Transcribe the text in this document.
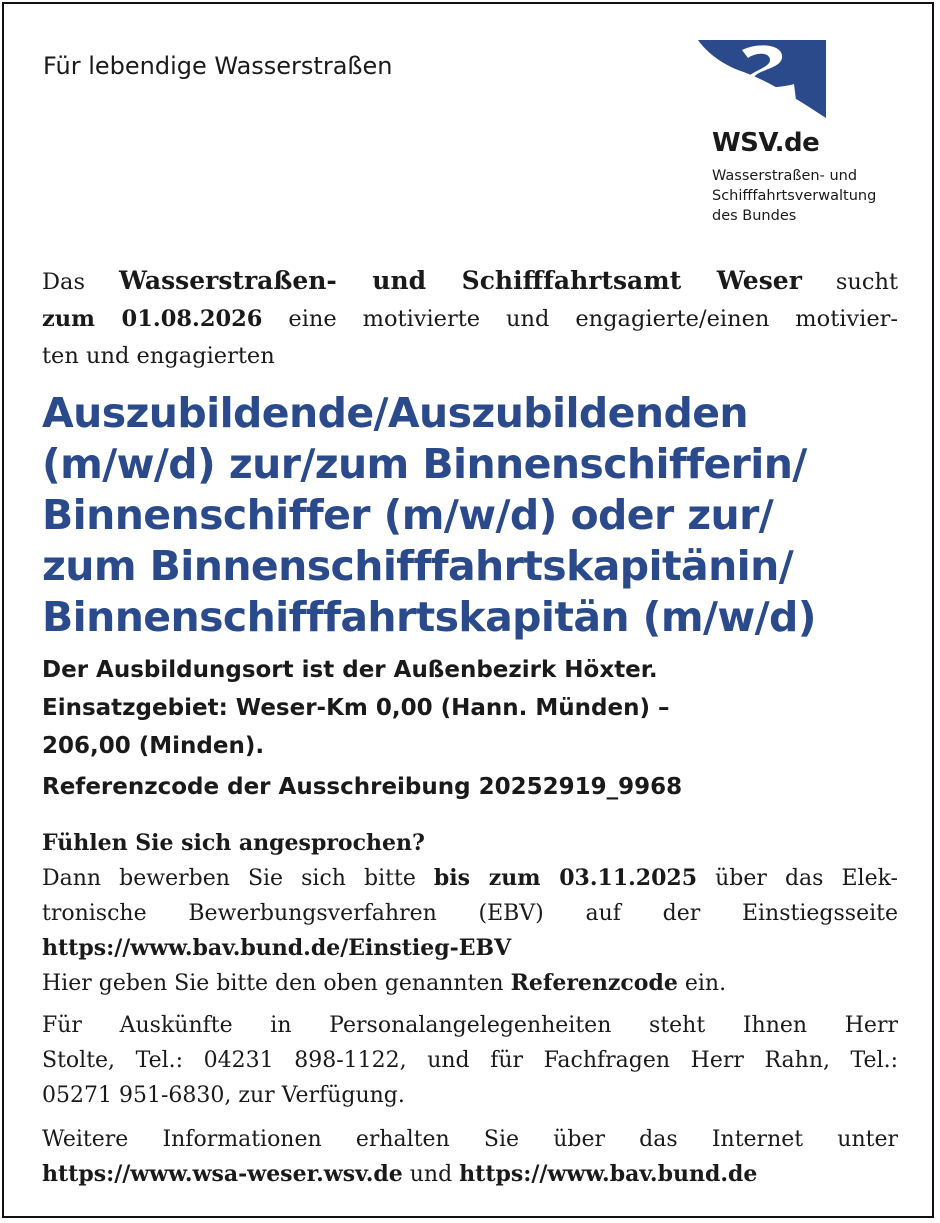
Für lebendige Wasserstraßen
WSV.de
Wasserstraßen- und
Schifffahrtsverwaltung
des Bundes
Das Wasserstraßen- und Schifffahrtsamt Weser sucht
zum 01.08.2026 eine motivierte und engagierte/einen motivier-
ten und engagierten
Auszubildende/Auszubildenden
(m/w/d) zur/zum Binnenschifferin/
Binnenschiffer (m/w/d) oder zur/
zum Binnenschifffahrtskapitänin/
Binnenschifffahrtskapitän (m/w/d)
Der Ausbildungsort ist der Außenbezirk Höxter.
Einsatzgebiet: Weser-Km 0,00 (Hann. Münden) –
206,00 (Minden).
Referenzcode der Ausschreibung 20252919_9968
Fühlen Sie sich angesprochen?
Dann bewerben Sie sich bitte bis zum 03.11.2025 über das Elek-
tronische Bewerbungsverfahren (EBV) auf der Einstiegsseite
https://www.bav.bund.de/Einstieg-EBV
Hier geben Sie bitte den oben genannten Referenzcode ein.
Für Auskünfte in Personalangelegenheiten steht Ihnen Herr
Stolte, Tel.: 04231 898-1122, und für Fachfragen Herr Rahn, Tel.:
05271 951-6830, zur Verfügung.
Weitere Informationen erhalten Sie über das Internet unter
https://www.wsa-weser.wsv.de und https://www.bav.bund.de
